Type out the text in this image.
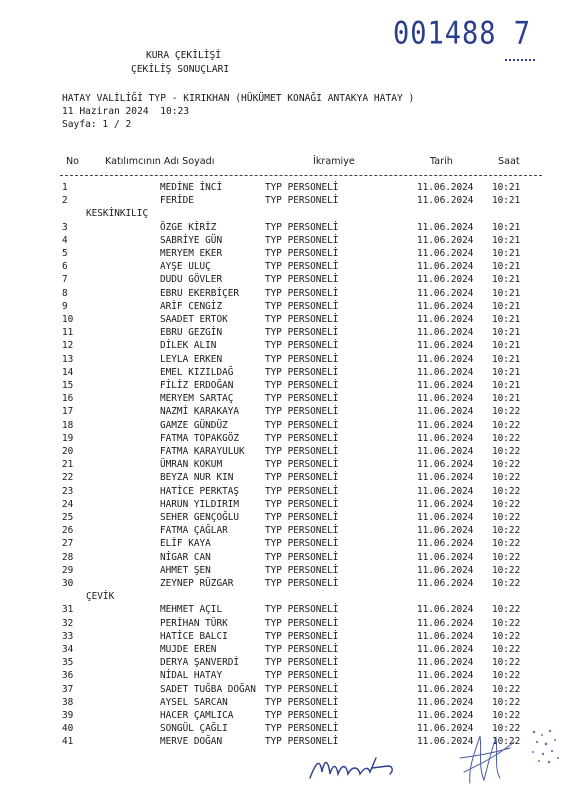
001488 7
KURA ÇEKİLİŞİ
ÇEKİLİŞ SONUÇLARI
HATAY VALİLİĞİ TYP - KIRIKHAN (HÜKÜMET KONAĞI ANTAKYA HATAY )
11 Haziran 2024  10:23
Sayfa: 1 / 2
No	Katılımcının Adı Soyadı	İkramiye	Tarih	Saat
1	MEDİNE İNCİ	TYP PERSONELİ	11.06.2024 10:21
2	FERİDE	TYP PERSONELİ	11.06.2024 10:21
KESKİNKILIÇ
3	ÖZGE KİRİZ	TYP PERSONELİ	11.06.2024 10:21
4	SABRİYE GÜN	TYP PERSONELİ	11.06.2024 10:21
5	MERYEM EKER	TYP PERSONELİ	11.06.2024 10:21
6	AYŞE ULUÇ	TYP PERSONELİ	11.06.2024 10:21
7	DUDU GÖVLER	TYP PERSONELİ	11.06.2024 10:21
8	EBRU EKERBİÇER	TYP PERSONELİ	11.06.2024 10:21
9	ARİF CENGİZ	TYP PERSONELİ	11.06.2024 10:21
10	SAADET ERTOK	TYP PERSONELİ	11.06.2024 10:21
11	EBRU GEZGİN	TYP PERSONELİ	11.06.2024 10:21
12	DİLEK ALIN	TYP PERSONELİ	11.06.2024 10:21
13	LEYLA ERKEN	TYP PERSONELİ	11.06.2024 10:21
14	EMEL KIZILDAĞ	TYP PERSONELİ	11.06.2024 10:21
15	FİLİZ ERDOĞAN	TYP PERSONELİ	11.06.2024 10:21
16	MERYEM SARTAÇ	TYP PERSONELİ	11.06.2024 10:21
17	NAZMİ KARAKAYA	TYP PERSONELİ	11.06.2024 10:22
18	GAMZE GÜNDÜZ	TYP PERSONELİ	11.06.2024 10:22
19	FATMA TOPAKGÖZ	TYP PERSONELİ	11.06.2024 10:22
20	FATMA KARAYULUK TYP PERSONELİ	11.06.2024 10:22
21	ÜMRAN KOKUM	TYP PERSONELİ	11.06.2024 10:22
22	BEYZA NUR KIN	TYP PERSONELİ	11.06.2024 10:22
23	HATİCE PERKTAŞ	TYP PERSONELİ	11.06.2024 10:22
24	HARUN YILDIRIM	TYP PERSONELİ	11.06.2024 10:22
25	SEHER GENÇOĞLU	TYP PERSONELİ	11.06.2024 10:22
26	FATMA ÇAĞLAR	TYP PERSONELİ	11.06.2024 10:22
27	ELİF KAYA	TYP PERSONELİ	11.06.2024 10:22
28	NİGAR CAN	TYP PERSONELİ	11.06.2024 10:22
29	AHMET ŞEN	TYP PERSONELİ	11.06.2024 10:22
30	ZEYNEP RÜZGAR	TYP PERSONELİ	11.06.2024 10:22
ÇEVİK
31	MEHMET AÇIL	TYP PERSONELİ	11.06.2024 10:22
32	PERİHAN TÜRK	TYP PERSONELİ	11.06.2024 10:22
33	HATİCE BALCI	TYP PERSONELİ	11.06.2024 10:22
34	MUJDE EREN	TYP PERSONELİ	11.06.2024 10:22
35	DERYA ŞANVERDİ	TYP PERSONELİ	11.06.2024 10:22
36	NİDAL HATAY	TYP PERSONELİ	11.06.2024 10:22
37	SADET TUĞBA DOĞAN TYP PERSONELİ	11.06.2024 10:22
38	AYSEL SARCAN	TYP PERSONELİ	11.06.2024 10:22
39	HACER ÇAMLICA	TYP PERSONELİ	11.06.2024 10:22
40	SONGÜL ÇAĞLI	TYP PERSONELİ	11.06.2024 10:22
41	MERVE DOĞAN	TYP PERSONELİ	11.06.2024 10:22
